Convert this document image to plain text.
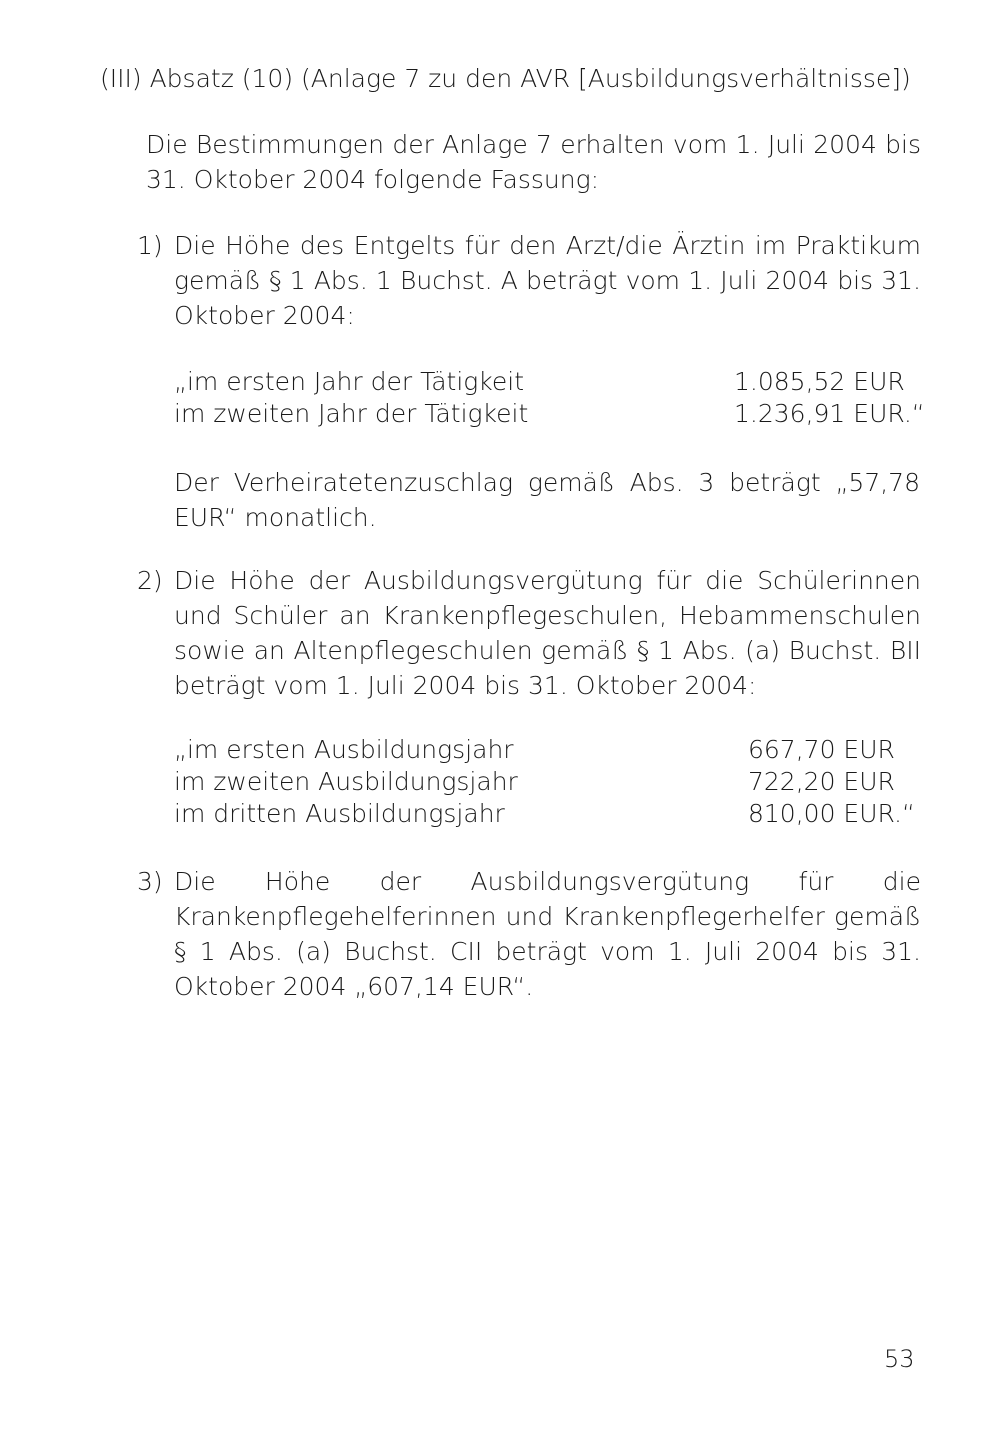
(III) Absatz (10) (Anlage 7 zu den AVR [Ausbildungsverhältnisse])
Die Bestimmungen der Anlage 7 erhalten vom 1. Juli 2004 bis 31. Oktober 2004 folgende Fassung:
1) Die Höhe des Entgelts für den Arzt/die Ärztin im Praktikum gemäß § 1 Abs. 1 Buchst. A beträgt vom 1. Juli 2004 bis 31. Oktober 2004:

„im ersten Jahr der Tätigkeit	1.085,52 EUR
im zweiten Jahr der Tätigkeit	1.236,91 EUR.“
Der Verheiratetenzuschlag gemäß Abs. 3 beträgt „57,78 EUR“ monatlich.
2) Die Höhe der Ausbildungsvergütung für die Schülerinnen und Schüler an Krankenpflegeschulen, Hebammenschulen sowie an Altenpflegeschulen gemäß § 1 Abs. (a) Buchst. BII beträgt vom 1. Juli 2004 bis 31. Oktober 2004:

„im ersten Ausbildungsjahr	667,70 EUR
im zweiten Ausbildungsjahr	722,20 EUR
im dritten Ausbildungsjahr	810,00 EUR.“
3) Die Höhe der Ausbildungsvergütung für die Krankenpflegehelferinnen und Krankenpflegerhelfer gemäß § 1 Abs. (a) Buchst. CII beträgt vom 1. Juli 2004 bis 31. Oktober 2004 „607,14 EUR“.

53
